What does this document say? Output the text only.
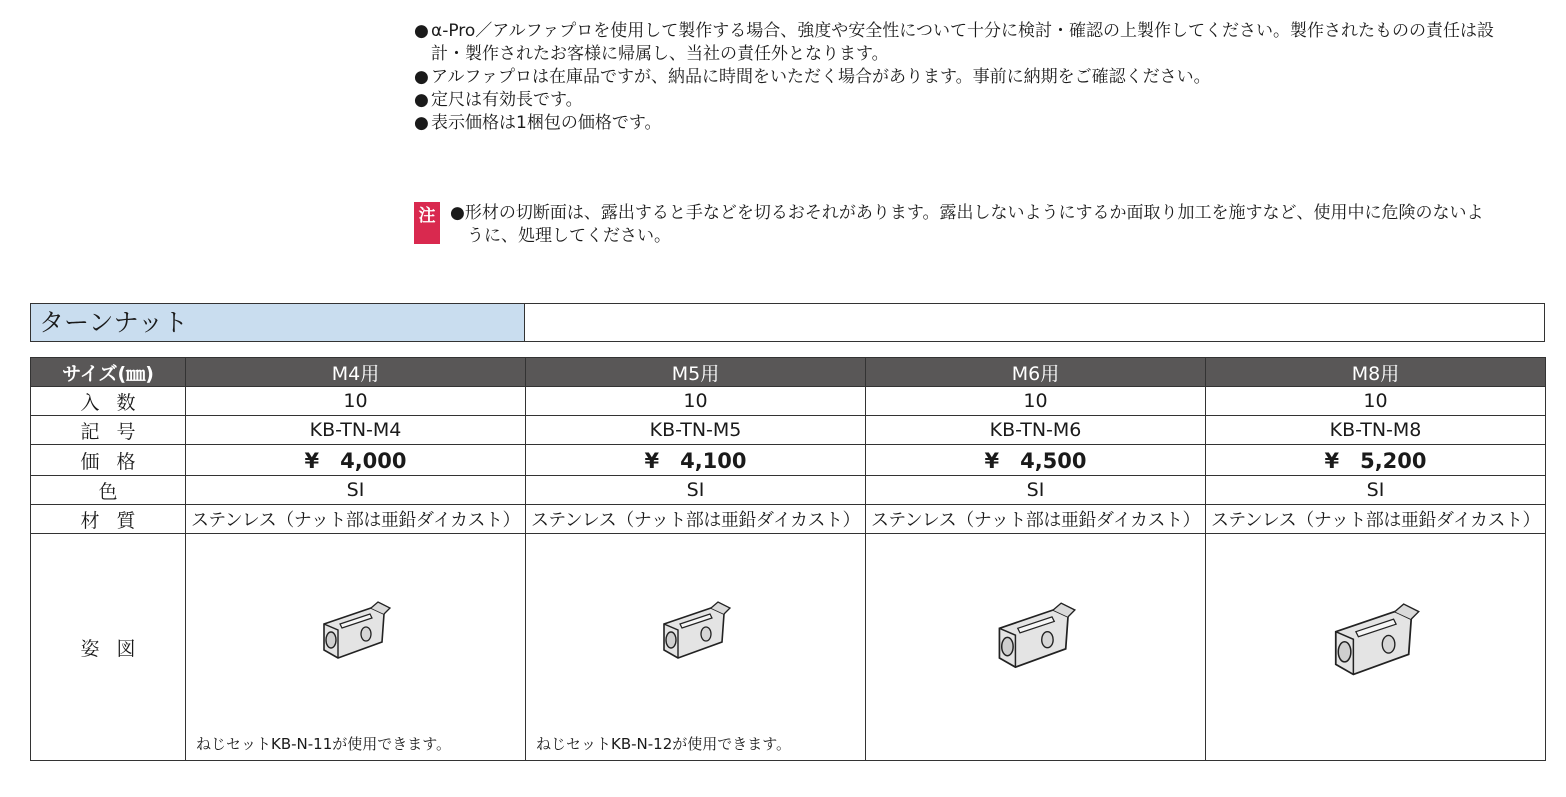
● α-Pro／アルファプロを使用して製作する場合、強度や安全性について十分に検討・確認の上製作してください。製作されたものの責任は設
計・製作されたお客様に帰属し、当社の責任外となります。
● アルファプロは在庫品ですが、納品に時間をいただく場合があります。事前に納期をご確認ください。
● 定尺は有効長です。
● 表示価格は1梱包の価格です。
注 ●形材の切断面は、露出すると手などを切るおそれがあります。露出しないようにするか面取り加工を施すなど、使用中に危険のないよ
うに、処理してください。
ターンナット
サイズ(㎜)	M4用	M5用	M6用	M8用
入数	10	10	10	10
記号	KB-TN-M4	KB-TN-M5	KB-TN-M6	KB-TN-M8
価格	¥　4,000	¥　4,100	¥　4,500	¥　5,200
色	SI	SI	SI	SI
材質	ステンレス（ナット部は亜鉛ダイカスト）	ステンレス（ナット部は亜鉛ダイカスト）	ステンレス（ナット部は亜鉛ダイカスト）	ステンレス（ナット部は亜鉛ダイカスト）
姿図	ねじセットKB-N-11が使用できます。	ねじセットKB-N-12が使用できます。
